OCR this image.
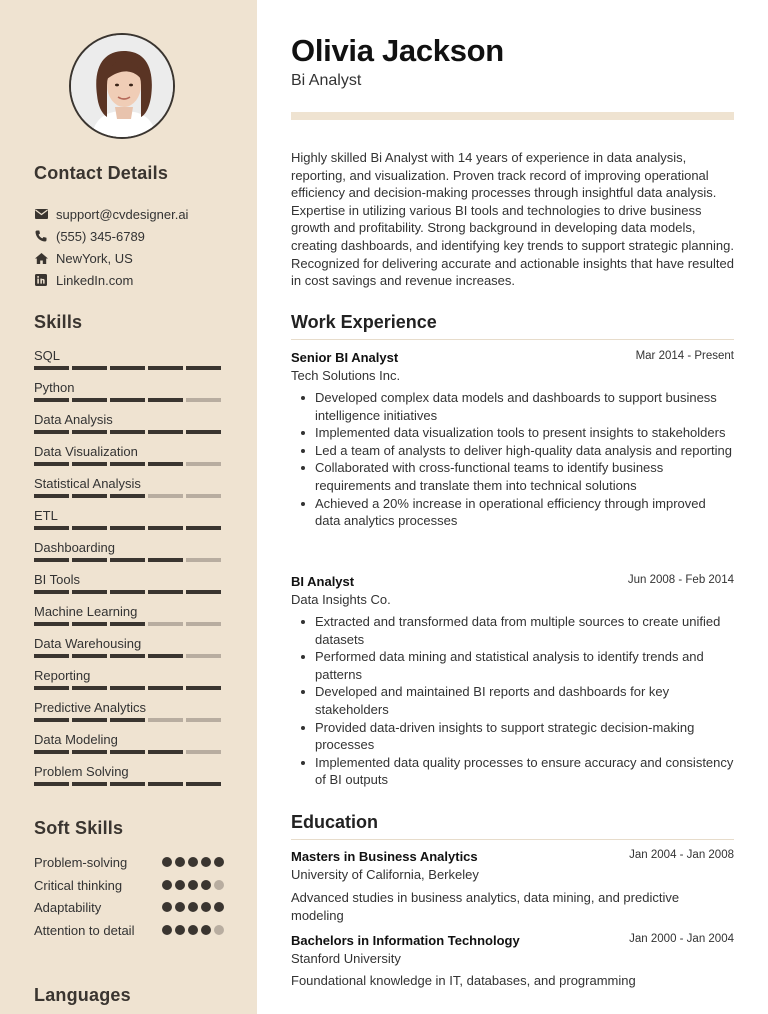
Contact Details
support@cvdesigner.ai
(555) 345-6789
NewYork, US
LinkedIn.com
Skills
SQL
Python
Data Analysis
Data Visualization
Statistical Analysis
ETL
Dashboarding
BI Tools
Machine Learning
Data Warehousing
Reporting
Predictive Analytics
Data Modeling
Problem Solving
Soft Skills
Problem-solving
Critical thinking
Adaptability
Attention to detail
Languages
Olivia Jackson
Bi Analyst
Highly skilled Bi Analyst with 14 years of experience in data analysis, reporting, and visualization. Proven track record of improving operational efficiency and decision-making processes through insightful data analysis. Expertise in utilizing various BI tools and technologies to drive business growth and profitability. Strong background in developing data models, creating dashboards, and identifying key trends to support strategic planning. Recognized for delivering accurate and actionable insights that have resulted in cost savings and revenue increases.
Work Experience
Senior BI Analyst	Mar 2014 - Present
Tech Solutions Inc.
Developed complex data models and dashboards to support business intelligence initiatives
Implemented data visualization tools to present insights to stakeholders
Led a team of analysts to deliver high-quality data analysis and reporting
Collaborated with cross-functional teams to identify business requirements and translate them into technical solutions
Achieved a 20% increase in operational efficiency through improved data analytics processes
BI Analyst	Jun 2008 - Feb 2014
Data Insights Co.
Extracted and transformed data from multiple sources to create unified datasets
Performed data mining and statistical analysis to identify trends and patterns
Developed and maintained BI reports and dashboards for key stakeholders
Provided data-driven insights to support strategic decision-making processes
Implemented data quality processes to ensure accuracy and consistency of BI outputs
Education
Masters in Business Analytics	Jan 2004 - Jan 2008
University of California, Berkeley
Advanced studies in business analytics, data mining, and predictive modeling
Bachelors in Information Technology	Jan 2000 - Jan 2004
Stanford University
Foundational knowledge in IT, databases, and programming
